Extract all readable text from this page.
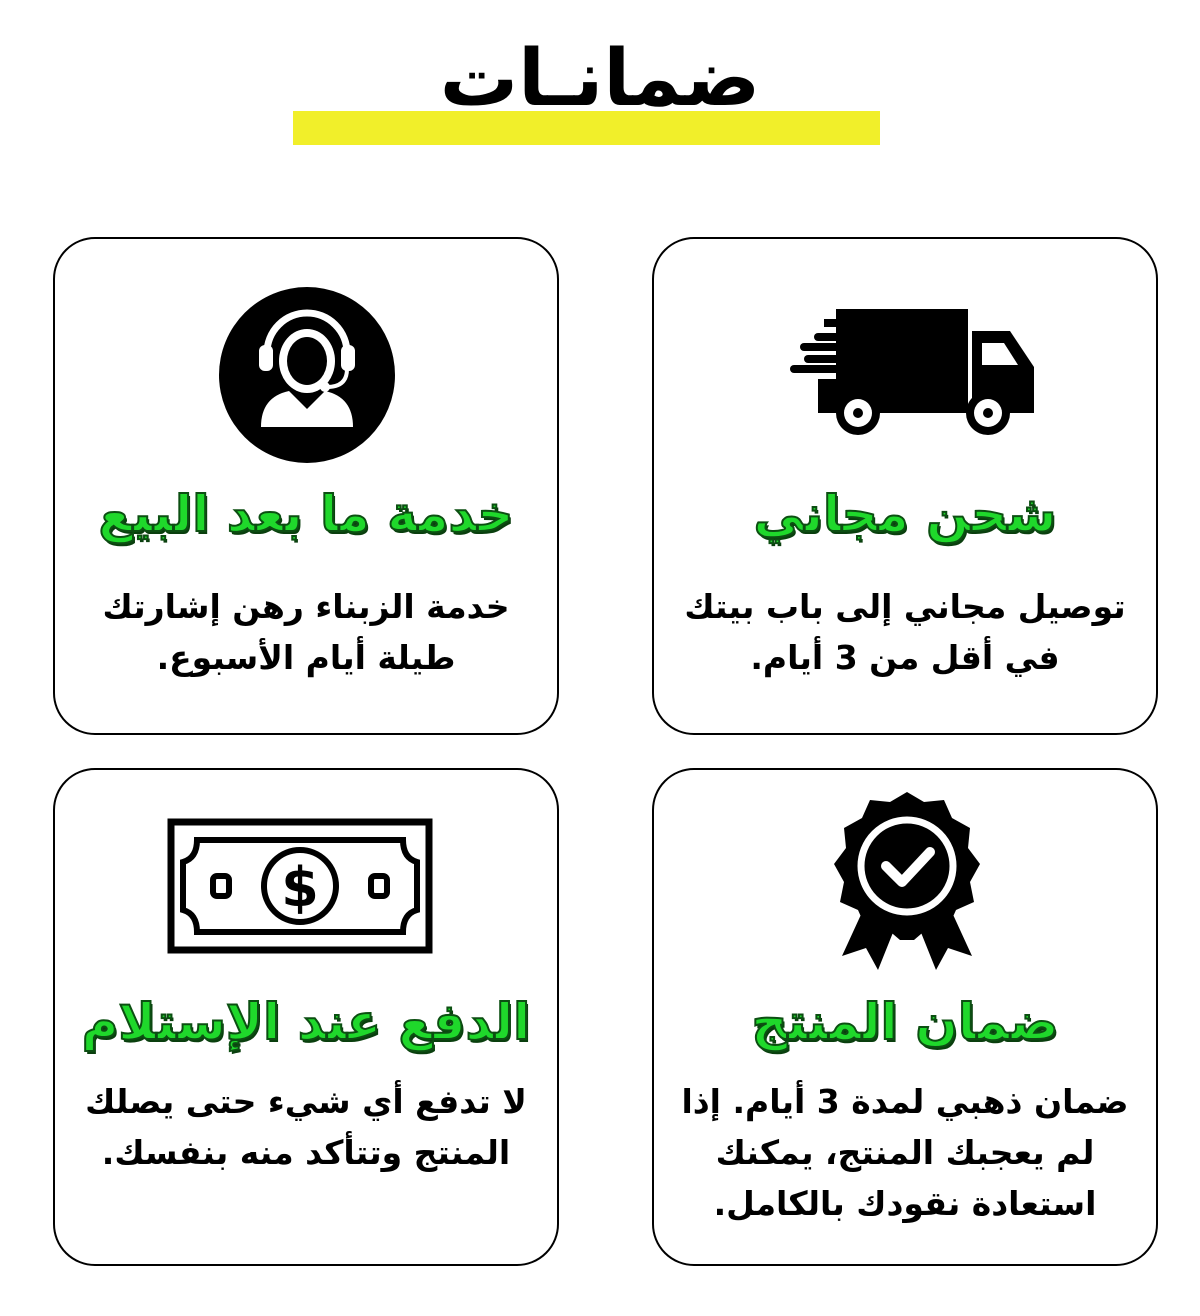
ضمانـات
شحن مجاني
توصيل مجاني إلى باب بيتك
في أقل من 3 أيام.
خدمة ما بعد البيع
خدمة الزبناء رهن إشارتك
طيلة أيام الأسبوع.
ضمان المنتج
ضمان ذهبي لمدة 3 أيام. إذا
لم يعجبك المنتج، يمكنك
استعادة نقودك بالكامل.
$
الدفع عند الإستلام
لا تدفع أي شيء حتى يصلك
المنتج وتتأكد منه بنفسك.
